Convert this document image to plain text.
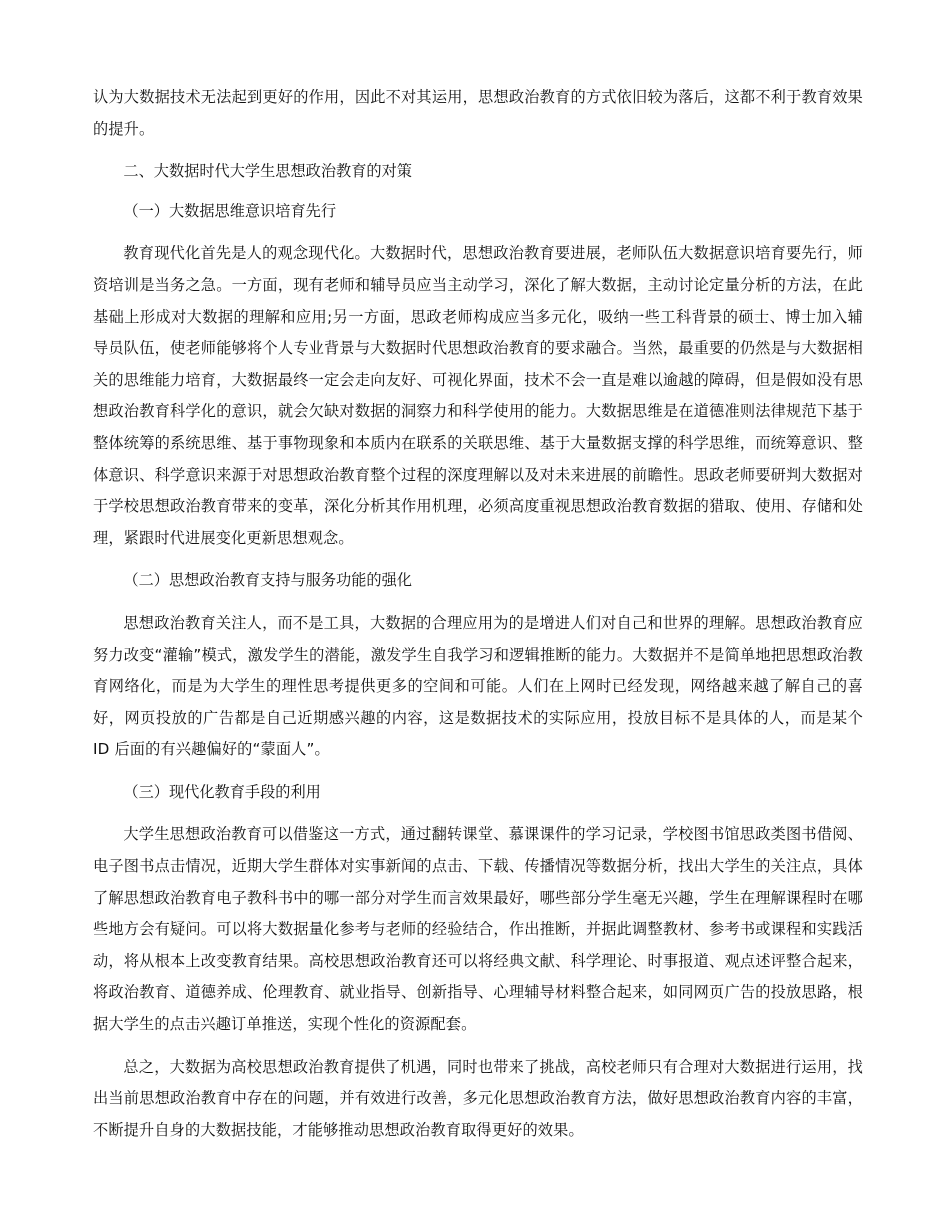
认为大数据技术无法起到更好的作用，因此不对其运用，思想政治教育的方式依旧较为落后，这都不利于教育效果的提升。

二、大数据时代大学生思想政治教育的对策

（一）大数据思维意识培育先行

教育现代化首先是人的观念现代化。大数据时代，思想政治教育要进展，老师队伍大数据意识培育要先行，师资培训是当务之急。一方面，现有老师和辅导员应当主动学习，深化了解大数据，主动讨论定量分析的方法，在此基础上形成对大数据的理解和应用;另一方面，思政老师构成应当多元化，吸纳一些工科背景的硕士、博士加入辅导员队伍，使老师能够将个人专业背景与大数据时代思想政治教育的要求融合。当然，最重要的仍然是与大数据相关的思维能力培育，大数据最终一定会走向友好、可视化界面，技术不会一直是难以逾越的障碍，但是假如没有思想政治教育科学化的意识，就会欠缺对数据的洞察力和科学使用的能力。大数据思维是在道德准则法律规范下基于整体统筹的系统思维、基于事物现象和本质内在联系的关联思维、基于大量数据支撑的科学思维，而统筹意识、整体意识、科学意识来源于对思想政治教育整个过程的深度理解以及对未来进展的前瞻性。思政老师要研判大数据对于学校思想政治教育带来的变革，深化分析其作用机理，必须高度重视思想政治教育数据的猎取、使用、存储和处理，紧跟时代进展变化更新思想观念。

（二）思想政治教育支持与服务功能的强化

思想政治教育关注人，而不是工具，大数据的合理应用为的是增进人们对自己和世界的理解。思想政治教育应努力改变“灌输”模式，激发学生的潜能，激发学生自我学习和逻辑推断的能力。大数据并不是简单地把思想政治教育网络化，而是为大学生的理性思考提供更多的空间和可能。人们在上网时已经发现，网络越来越了解自己的喜好，网页投放的广告都是自己近期感兴趣的内容，这是数据技术的实际应用，投放目标不是具体的人，而是某个 ID 后面的有兴趣偏好的“蒙面人”。

（三）现代化教育手段的利用

大学生思想政治教育可以借鉴这一方式，通过翻转课堂、慕课课件的学习记录，学校图书馆思政类图书借阅、电子图书点击情况，近期大学生群体对实事新闻的点击、下载、传播情况等数据分析，找出大学生的关注点，具体了解思想政治教育电子教科书中的哪一部分对学生而言效果最好，哪些部分学生毫无兴趣，学生在理解课程时在哪些地方会有疑问。可以将大数据量化参考与老师的经验结合，作出推断，并据此调整教材、参考书或课程和实践活动，将从根本上改变教育结果。高校思想政治教育还可以将经典文献、科学理论、时事报道、观点述评整合起来，将政治教育、道德养成、伦理教育、就业指导、创新指导、心理辅导材料整合起来，如同网页广告的投放思路，根据大学生的点击兴趣订单推送，实现个性化的资源配套。

总之，大数据为高校思想政治教育提供了机遇，同时也带来了挑战，高校老师只有合理对大数据进行运用，找出当前思想政治教育中存在的问题，并有效进行改善，多元化思想政治教育方法，做好思想政治教育内容的丰富，不断提升自身的大数据技能，才能够推动思想政治教育取得更好的效果。
